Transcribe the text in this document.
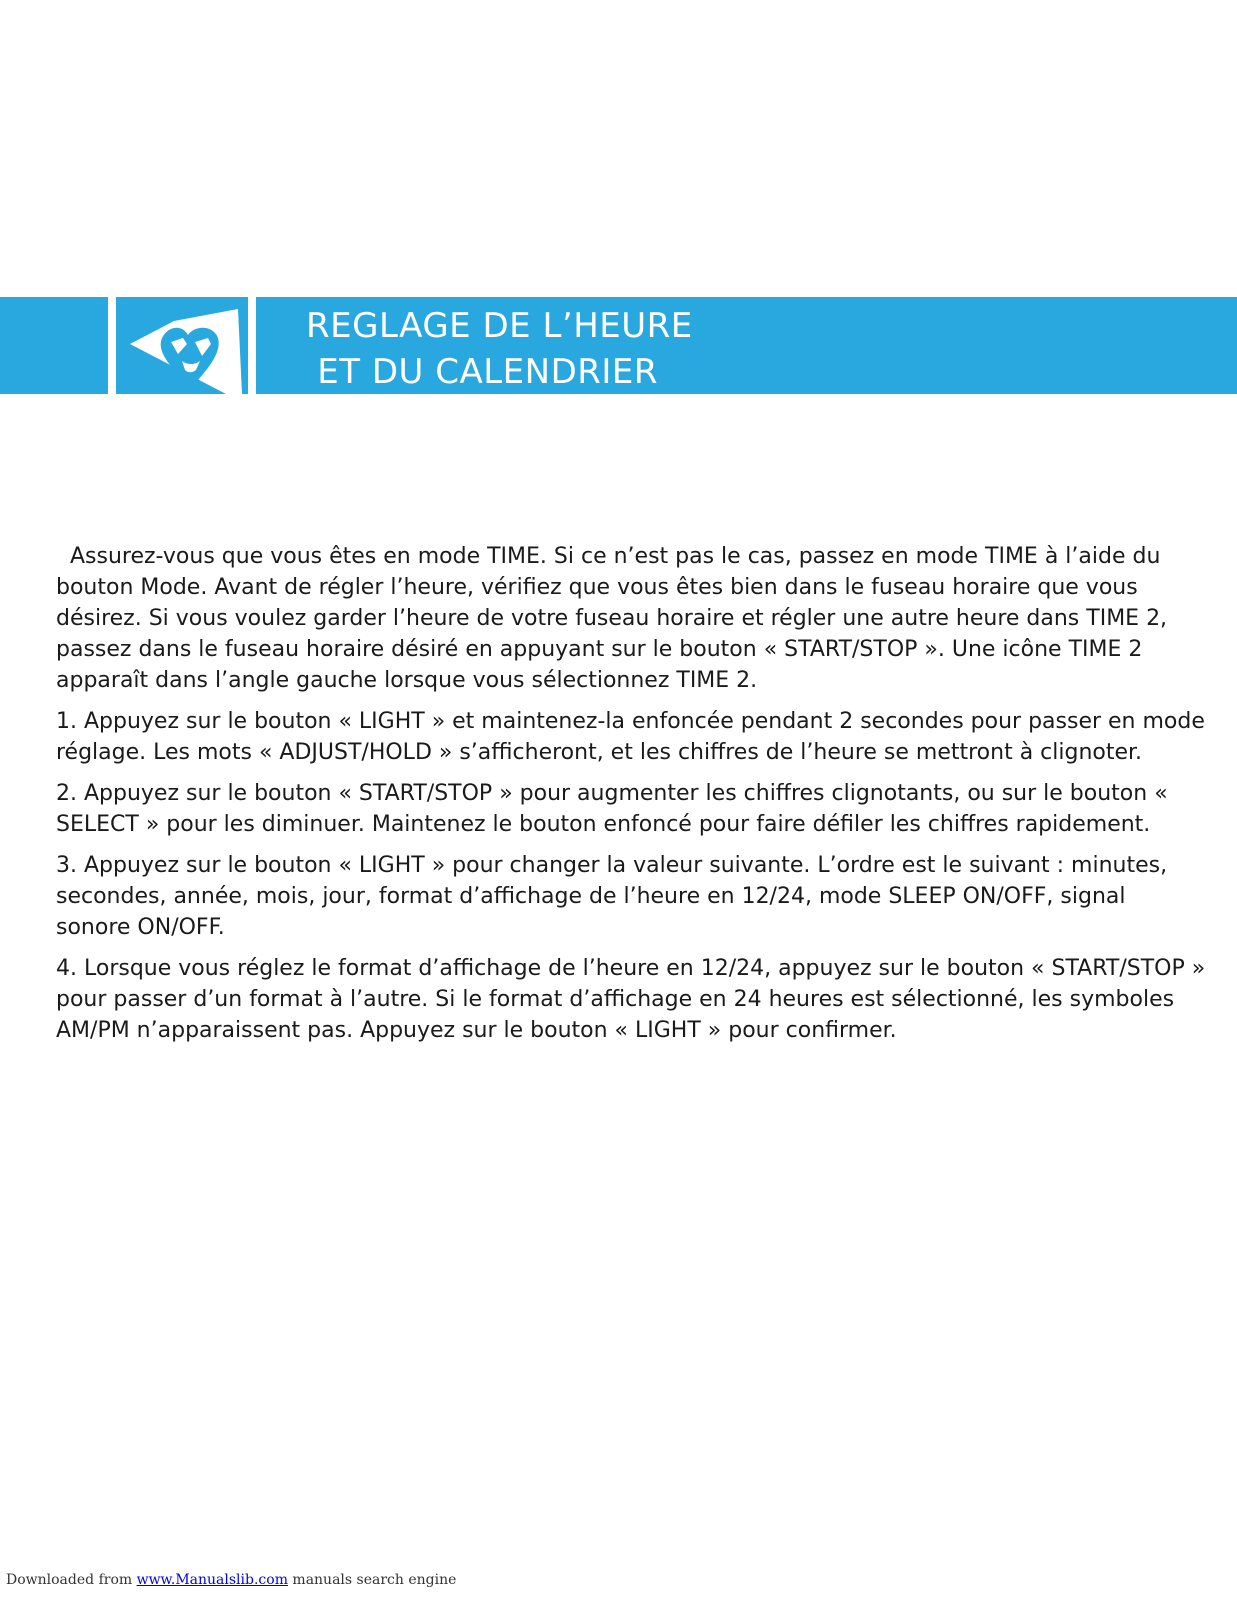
REGLAGE DE L’HEURE
ET DU CALENDRIER

Assurez-vous que vous êtes en mode TIME. Si ce n’est pas le cas, passez en mode TIME à l’aide du bouton Mode. Avant de régler l’heure, vérifiez que vous êtes bien dans le fuseau horaire que vous désirez. Si vous voulez garder l’heure de votre fuseau horaire et régler une autre heure dans TIME 2, passez dans le fuseau horaire désiré en appuyant sur le bouton « START/STOP ». Une icône TIME 2 apparaît dans l’angle gauche lorsque vous sélectionnez TIME 2.

1. Appuyez sur le bouton « LIGHT » et maintenez-la enfoncée pendant 2 secondes pour passer en mode réglage. Les mots « ADJUST/HOLD » s’afficheront, et les chiffres de l’heure se mettront à clignoter.

2. Appuyez sur le bouton « START/STOP » pour augmenter les chiffres clignotants, ou sur le bouton « SELECT » pour les diminuer. Maintenez le bouton enfoncé pour faire défiler les chiffres rapidement.

3. Appuyez sur le bouton « LIGHT » pour changer la valeur suivante. L’ordre est le suivant : minutes, secondes, année, mois, jour, format d’affichage de l’heure en 12/24, mode SLEEP ON/OFF, signal sonore ON/OFF.

4. Lorsque vous réglez le format d’affichage de l’heure en 12/24, appuyez sur le bouton « START/STOP » pour passer d’un format à l’autre. Si le format d’affichage en 24 heures est sélectionné, les symboles AM/PM n’apparaissent pas. Appuyez sur le bouton « LIGHT » pour confirmer.

Downloaded from www.Manualslib.com manuals search engine
